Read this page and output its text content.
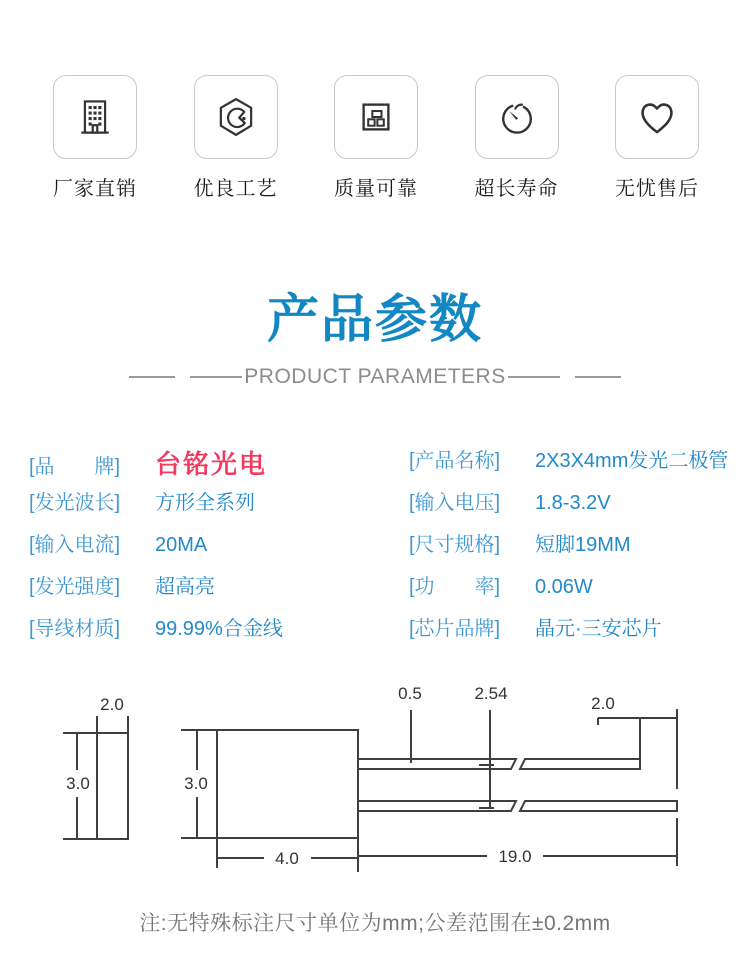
厂家直销	优良工艺	质量可靠	超长寿命	无忧售后
产品参数
PRODUCT PARAMETERS
[品　　牌]	台铭光电
[发光波长]	方形全系列
[输入电流]	20MA
[发光强度]	超高亮
[导线材质]	99.99%合金线
[产品名称]	2X3X4mm发光二极管
[输入电压]	1.8-3.2V
[尺寸规格]	短脚19MM
[功　　率]	0.06W
[芯片品牌]	晶元·三安芯片
2.0
3.0	3.0
4.0
0.5	2.54
2.0
19.0
注:无特殊标注尺寸单位为mm;公差范围在±0.2mm
